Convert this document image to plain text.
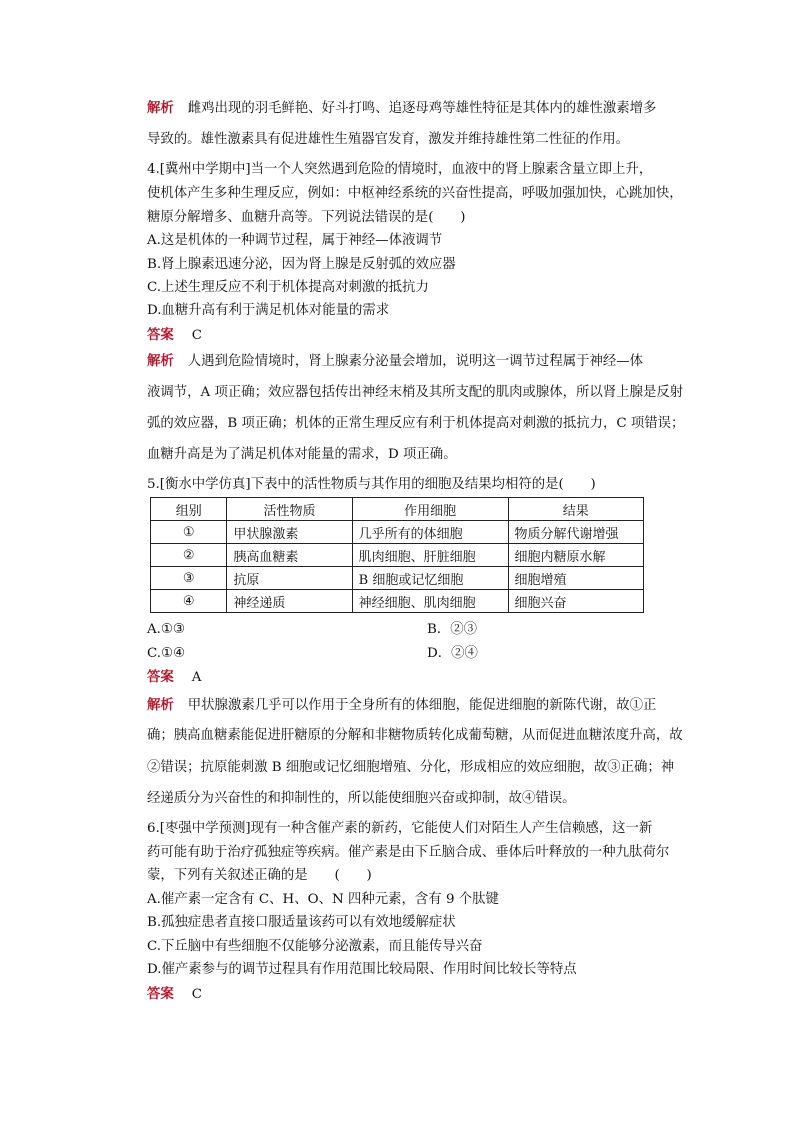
解析 雌鸡出现的羽毛鲜艳、好斗打鸣、追逐母鸡等雄性特征是其体内的雄性激素增多
导致的。雄性激素具有促进雄性生殖器官发育，激发并维持雄性第二性征的作用。
4.[冀州中学期中]当一个人突然遇到危险的情境时，血液中的肾上腺素含量立即上升，
使机体产生多种生理反应，例如：中枢神经系统的兴奋性提高，呼吸加强加快，心跳加快，
糖原分解增多、血糖升高等。下列说法错误的是(　　)
A.这是机体的一种调节过程，属于神经—体液调节
B.肾上腺素迅速分泌，因为肾上腺是反射弧的效应器
C.上述生理反应不利于机体提高对刺激的抵抗力
D.血糖升高有利于满足机体对能量的需求
答案 C
解析 人遇到危险情境时，肾上腺素分泌量会增加，说明这一调节过程属于神经—体
液调节，A 项正确；效应器包括传出神经末梢及其所支配的肌肉或腺体，所以肾上腺是反射
弧的效应器，B 项正确；机体的正常生理反应有利于机体提高对刺激的抵抗力，C 项错误；
血糖升高是为了满足机体对能量的需求，D 项正确。
5.[衡水中学仿真]下表中的活性物质与其作用的细胞及结果均相符的是(　　)
组别	活性物质	作用细胞	结果
①	甲状腺激素	几乎所有的体细胞	物质分解代谢增强
②	胰高血糖素	肌肉细胞、肝脏细胞	细胞内糖原水解
③	抗原	B 细胞或记忆细胞	细胞增殖
④	神经递质	神经细胞、肌肉细胞	细胞兴奋
A.①③	B．②③
C.①④	D．②④
答案 A
解析 甲状腺激素几乎可以作用于全身所有的体细胞，能促进细胞的新陈代谢，故①正
确；胰高血糖素能促进肝糖原的分解和非糖物质转化成葡萄糖，从而促进血糖浓度升高，故
②错误；抗原能刺激 B 细胞或记忆细胞增殖、分化，形成相应的效应细胞，故③正确；神
经递质分为兴奋性的和抑制性的，所以能使细胞兴奋或抑制，故④错误。
6.[枣强中学预测]现有一种含催产素的新药，它能使人们对陌生人产生信赖感，这一新
药可能有助于治疗孤独症等疾病。催产素是由下丘脑合成、垂体后叶释放的一种九肽荷尔
蒙，下列有关叙述正确的是　　(　　)
A.催产素一定含有 C、H、O、N 四种元素，含有 9 个肽键
B.孤独症患者直接口服适量该药可以有效地缓解症状
C.下丘脑中有些细胞不仅能够分泌激素，而且能传导兴奋
D.催产素参与的调节过程具有作用范围比较局限、作用时间比较长等特点
答案 C
